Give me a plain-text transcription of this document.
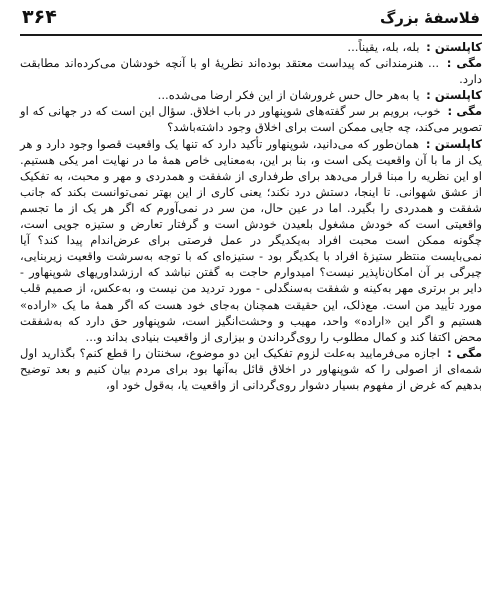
فلاسفهٔ بزرگ
۳۶۴

کاپلستن : بله، بله، یقیناً...

مگی : ... هنرمندانی که پیداست معتقد بوده‌اند نظریهٔ او با آنچه خودشان می‌کرده‌اند مطابقت دارد.

کاپلستن : یا به‌هر حال حس غرورشان از این فکر ارضا می‌شده...

مگی : خوب، برویم بر سر گفته‌های شوپنهاور در باب اخلاق. سؤال این است که در جهانی که او تصویر می‌کند، چه جایی ممکن است برای اخلاق وجود داشته‌باشد؟

کاپلستن : همان‌طور که می‌دانید، شوپنهاور تأکید دارد که تنها یک واقعیت قصوا وجود دارد و هر یک از ما با آن واقعیت یکی است و، بنا بر این، به‌معنایی خاص همهٔ ما در نهایت امر یکی هستیم. او این نظریه را مبنا قرار می‌دهد برای طرفداری از شفقت و همدردی و مهر و محبت، به تفکیک از عشق شهوانی. تا اینجا، دستش درد نکند؛ یعنی کاری از این بهتر نمی‌توانست بکند که جانب شفقت و همدردی را بگیرد. اما در عین حال، من سر در نمی‌آورم که اگر هر یک از ما تجسم واقعیتی است که خودش مشغول بلعیدن خودش است و گرفتار تعارض و ستیزه جویی است، چگونه ممکن است محبت افراد به‌یکدیگر در عمل فرصتی برای عرض‌اندام پیدا کند؟ آیا نمی‌بایست منتظر ستیزهٔ افراد با یکدیگر بود - ستیزه‌ای که با توجه به‌سرشت واقعیت زیربنایی، چیرگی بر آن امکان‌ناپذیر نیست؟ امیدوارم حاجت به گفتن نباشد که ارزشداوریهای شوپنهاور - داير بر برتری مهر به‌کینه و شفقت به‌سنگدلی - مورد تردید من نیست و، به‌عکس، از صمیم قلب مورد تأیید من است. مع‌ذلک، این حقیقت همچنان به‌جای خود هست که اگر همهٔ ما یک «اراده» هستیم و اگر این «اراده» واحد، مهیب و وحشت‌انگیز است، شوپنهاور حق دارد که به‌شفقت محض اکتفا کند و کمال مطلوب را روی‌گرداندن و بیزاری از واقعیت بنیادی بداند و...

مگی : اجازه می‌فرمایید به‌علت لزوم تفکیک این دو موضوع، سخنتان را قطع کنم؟ بگذارید اول شمه‌ای از اصولی را که شوپنهاور در اخلاق قائل به‌آنها بود برای مردم بیان کنیم و بعد توضیح بدهیم که غرض از مفهوم بسیار دشوار روی‌گردانی از واقعیت یا، به‌قول خود او،
